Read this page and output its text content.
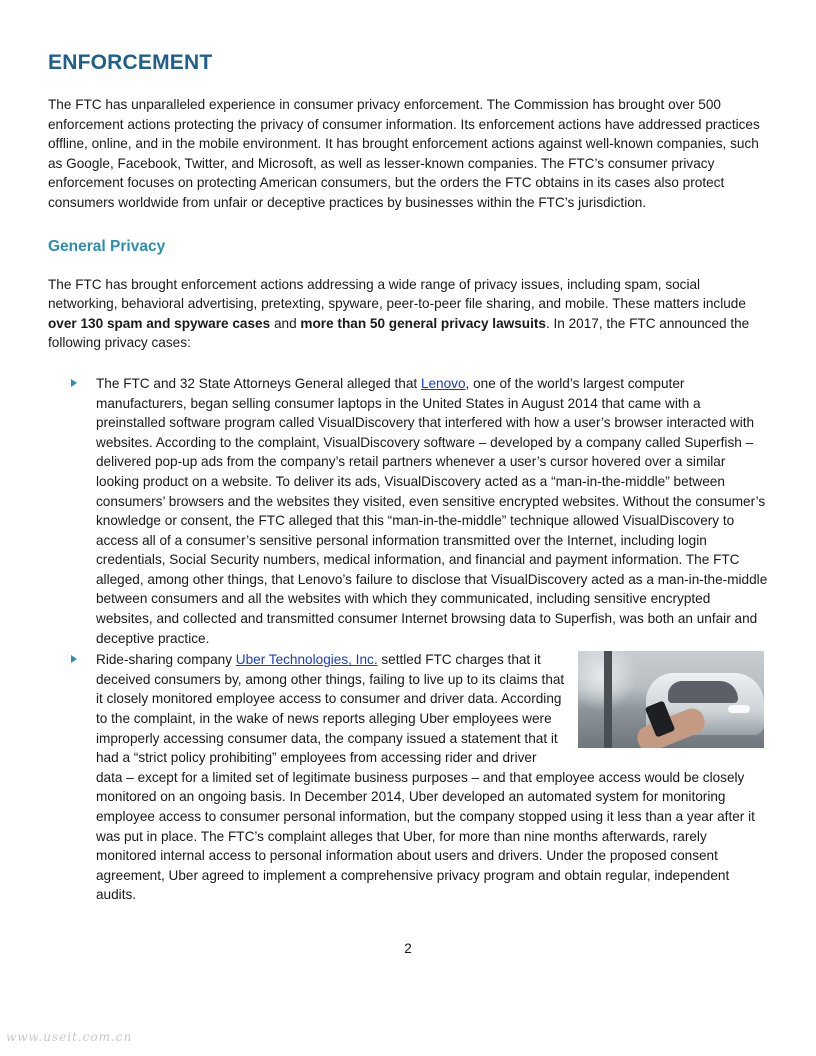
ENFORCEMENT

The FTC has unparalleled experience in consumer privacy enforcement. The Commission has brought over 500 enforcement actions protecting the privacy of consumer information. Its enforcement actions have addressed practices offline, online, and in the mobile environment. It has brought enforcement actions against well-known companies, such as Google, Facebook, Twitter, and Microsoft, as well as lesser-known companies. The FTC’s consumer privacy enforcement focuses on protecting American consumers, but the orders the FTC obtains in its cases also protect consumers worldwide from unfair or deceptive practices by businesses within the FTC’s jurisdiction.

General Privacy

The FTC has brought enforcement actions addressing a wide range of privacy issues, including spam, social networking, behavioral advertising, pretexting, spyware, peer-to-peer file sharing, and mobile. These matters include over 130 spam and spyware cases and more than 50 general privacy lawsuits. In 2017, the FTC announced the following privacy cases:

The FTC and 32 State Attorneys General alleged that Lenovo, one of the world’s largest computer manufacturers, began selling consumer laptops in the United States in August 2014 that came with a preinstalled software program called VisualDiscovery that interfered with how a user’s browser interacted with websites. According to the complaint, VisualDiscovery software – developed by a company called Superfish – delivered pop-up ads from the company’s retail partners whenever a user’s cursor hovered over a similar looking product on a website. To deliver its ads, VisualDiscovery acted as a “man-in-the-middle” between consumers’ browsers and the websites they visited, even sensitive encrypted websites. Without the consumer’s knowledge or consent, the FTC alleged that this “man-in-the-middle” technique allowed VisualDiscovery to access all of a consumer’s sensitive personal information transmitted over the Internet, including login credentials, Social Security numbers, medical information, and financial and payment information. The FTC alleged, among other things, that Lenovo’s failure to disclose that VisualDiscovery acted as a man-in-the-middle between consumers and all the websites with which they communicated, including sensitive encrypted websites, and collected and transmitted consumer Internet browsing data to Superfish, was both an unfair and deceptive practice.
Ride-sharing company Uber Technologies, Inc. settled FTC charges that it deceived consumers by, among other things, failing to live up to its claims that it closely monitored employee access to consumer and driver data. According to the complaint, in the wake of news reports alleging Uber employees were improperly accessing consumer data, the company issued a statement that it had a “strict policy prohibiting” employees from accessing rider and driver data – except for a limited set of legitimate business purposes – and that employee access would be closely monitored on an ongoing basis. In December 2014, Uber developed an automated system for monitoring employee access to consumer personal information, but the company stopped using it less than a year after it was put in place. The FTC’s complaint alleges that Uber, for more than nine months afterwards, rarely monitored internal access to personal information about users and drivers. Under the proposed consent agreement, Uber agreed to implement a comprehensive privacy program and obtain regular, independent audits.
2
www.useit.com.cn
